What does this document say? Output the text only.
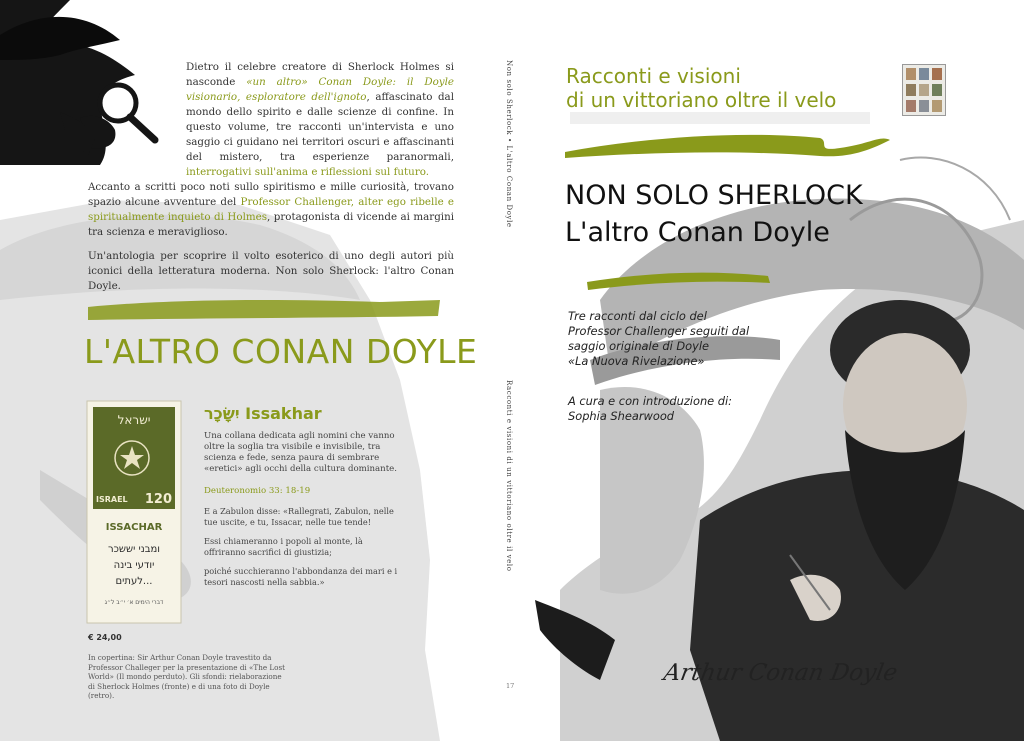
Dietro il celebre creatore di Sherlock Holmes si nasconde «un altro» Conan Doyle: il Doyle visionario, esploratore dell'ignoto, affascinato dal mondo dello spirito e dalle scienze di confine. In questo volume, tre racconti un'intervista e uno saggio ci guidano nei territori oscuri e affascinanti del mistero, tra esperienze paranormali, interrogativi sull'anima e riflessioni sul futuro.

Accanto a scritti poco noti sullo spiritismo e mille curiosità, trovano spazio alcune avventure del Professor Challenger, alter ego ribelle e spiritualmente inquieto di Holmes, protagonista di vicende ai margini tra scienza e meraviglioso.

Un'antologia per scoprire il volto esoterico di uno degli autori più iconici della letteratura moderna. Non solo Sherlock: l'altro Conan Doyle.

L'ALTRO CONAN DOYLE
ישראל
ISRAEL 120
ISSACHAR
ומבני יששכר
יודעי בינה
לעתים...
דברי הימים א׳ י״ב ל״ג
יִשָּׂכָר Issakhar
Una collana dedicata agli nomini che vanno oltre la soglia tra visibile e invisibile, tra scienza e fede, senza paura di sembrare «eretici» agli occhi della cultura dominante.
Deuteronomio 33: 18-19

E a Zabulon disse: «Rallegrati, Zabulon, nelle tue uscite, e tu, Issacar, nelle tue tende!

Essi chiameranno i popoli al monte, là offriranno sacrifici di giustizia;

poiché succhieranno l'abbondanza dei mari e i tesori nascosti nella sabbia.»

€ 24,00
In copertina: Sir Arthur Conan Doyle travestito da Professor Challeger per la presentazione di «The Lost World» (Il mondo perduto). Gli sfondi: rielaborazione di Sherlock Holmes (fronte) e di una foto di Doyle (retro).
Non solo Sherlock • L'altro Conan Doyle
Racconti e visioni di un vittoriano oltre il velo
17
Racconti e visioni
di un vittoriano oltre il velo
NON SOLO SHERLOCK
L'altro Conan Doyle
Tre racconti dal ciclo del
Professor Challenger seguiti dal
saggio originale di Doyle
«La Nuova Rivelazione»
A cura e con introduzione di:
Sophia Shearwood
Arthur Conan Doyle
